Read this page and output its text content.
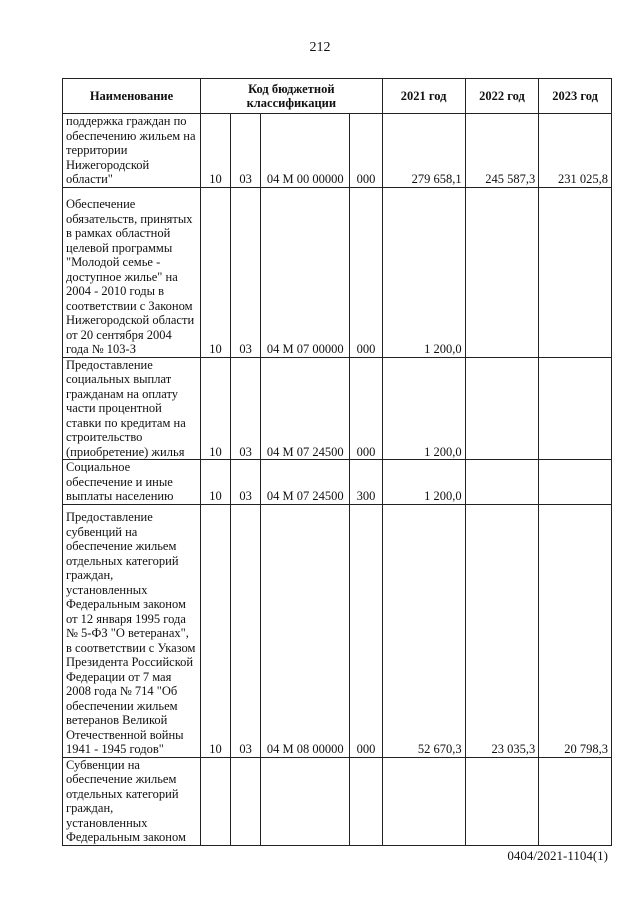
212
Наименование	Код бюджетной классификации				2021 год	2022 год	2023 год
поддержка граждан по обеспечению жильем на территории Нижегородской области"	10	03	04 М 00 00000	000	279 658,1	245 587,3	231 025,8
Обеспечение обязательств, принятых в рамках областной целевой программы "Молодой семье - доступное жилье" на 2004 - 2010 годы в соответствии с Законом Нижегородской области от 20 сентября 2004 года № 103-З	10	03	04 М 07 00000	000	1 200,0		
Предоставление социальных выплат гражданам на оплату части процентной ставки по кредитам на строительство (приобретение) жилья	10	03	04 М 07 24500	000	1 200,0		
Социальное обеспечение и иные выплаты населению	10	03	04 М 07 24500	300	1 200,0		
Предоставление субвенций на обеспечение жильем отдельных категорий граждан, установленных Федеральным законом от 12 января 1995 года № 5-ФЗ "О ветеранах", в соответствии с Указом Президента Российской Федерации от 7 мая 2008 года № 714 "Об обеспечении жильем ветеранов Великой Отечественной войны 1941 - 1945 годов"	10	03	04 М 08 00000	000	52 670,3	23 035,3	20 798,3
Субвенции на обеспечение жильем отдельных категорий граждан, установленных Федеральным законом							
0404/2021-1104(1)
